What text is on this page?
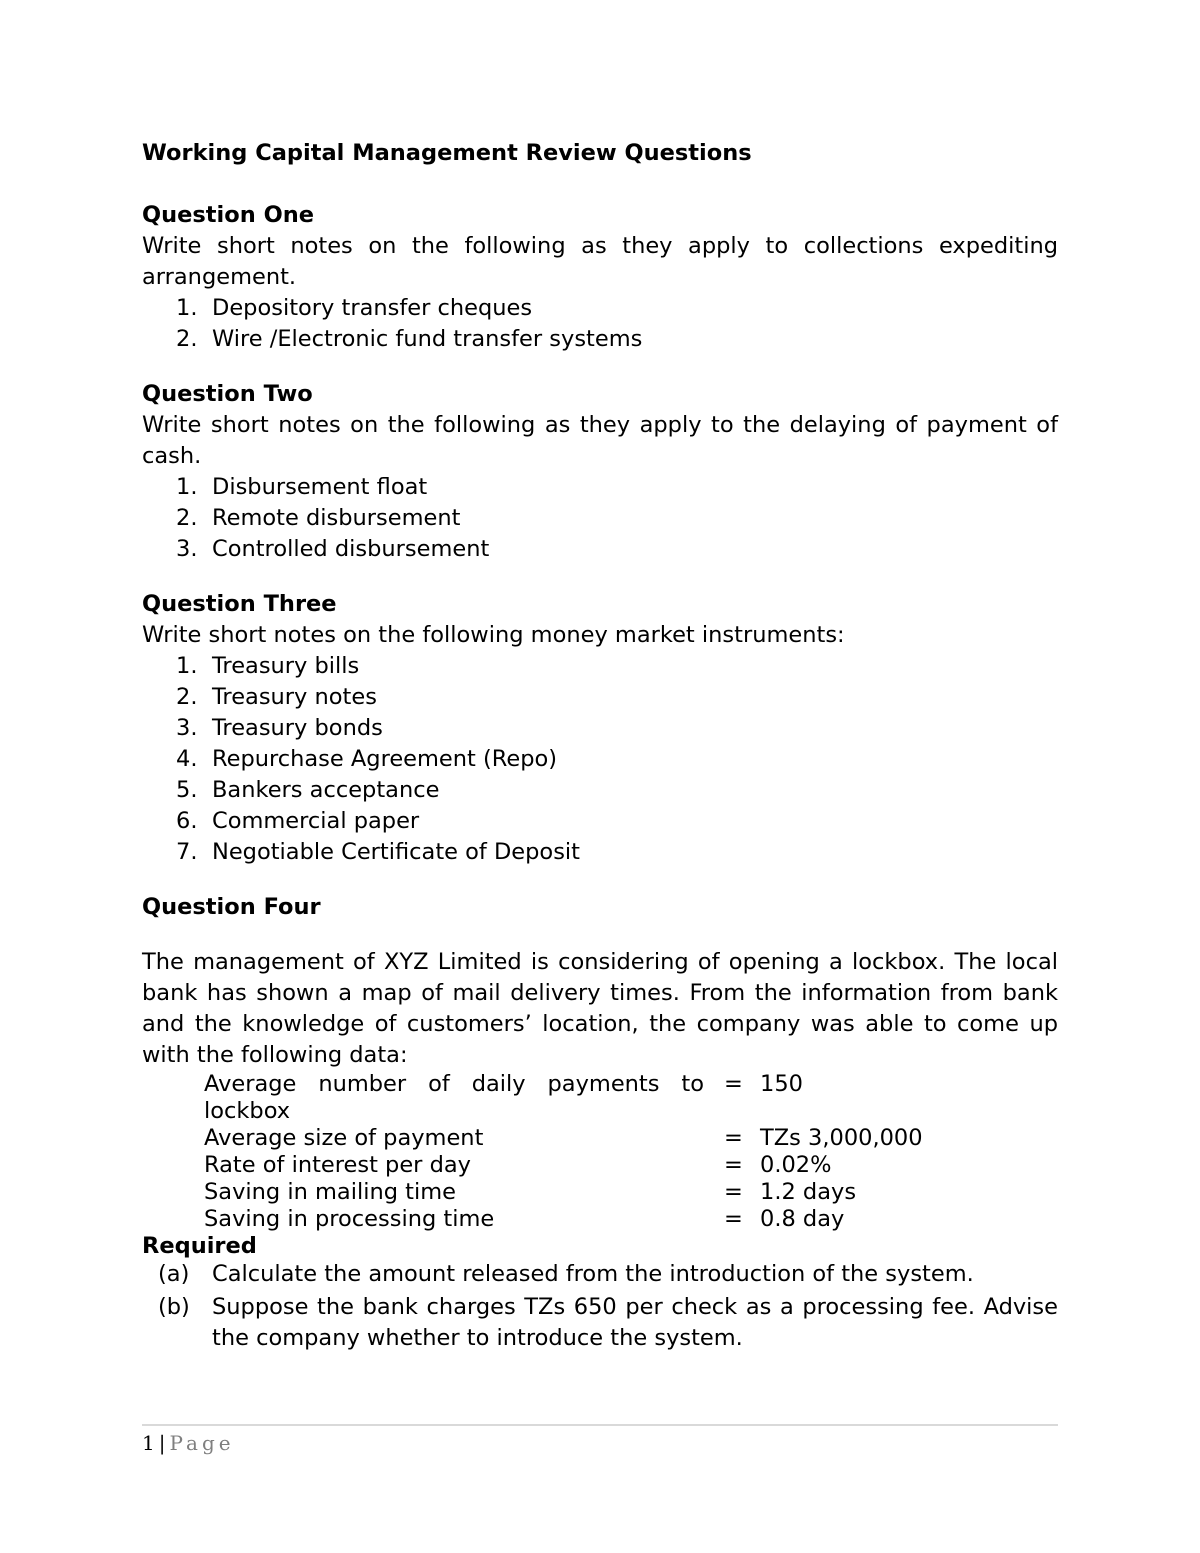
Working Capital Management Review Questions

Question One

Write short notes on the following as they apply to collections expediting arrangement.

1. Depository transfer cheques
2. Wire /Electronic fund transfer systems

Question Two

Write short notes on the following as they apply to the delaying of payment of cash.

1. Disbursement float
2. Remote disbursement
3. Controlled disbursement

Question Three

Write short notes on the following money market instruments:

1. Treasury bills
2. Treasury notes
3. Treasury bonds
4. Repurchase Agreement (Repo)
5. Bankers acceptance
6. Commercial paper
7. Negotiable Certificate of Deposit

Question Four

The management of XYZ Limited is considering of opening a lockbox. The local bank has shown a map of mail delivery times. From the information from bank and the knowledge of customers’ location, the company was able to come up with the following data:

Average number of daily payments to lockbox	=	150
Average size of payment	=	TZs 3,000,000
Rate of interest per day	=	0.02%
Saving in mailing time	=	1.2 days
Saving in processing time	=	0.8 day

Required

(a) Calculate the amount released from the introduction of the system.
(b) Suppose the bank charges TZs 650 per check as a processing fee. Advise the company whether to introduce the system.
1 | Page
